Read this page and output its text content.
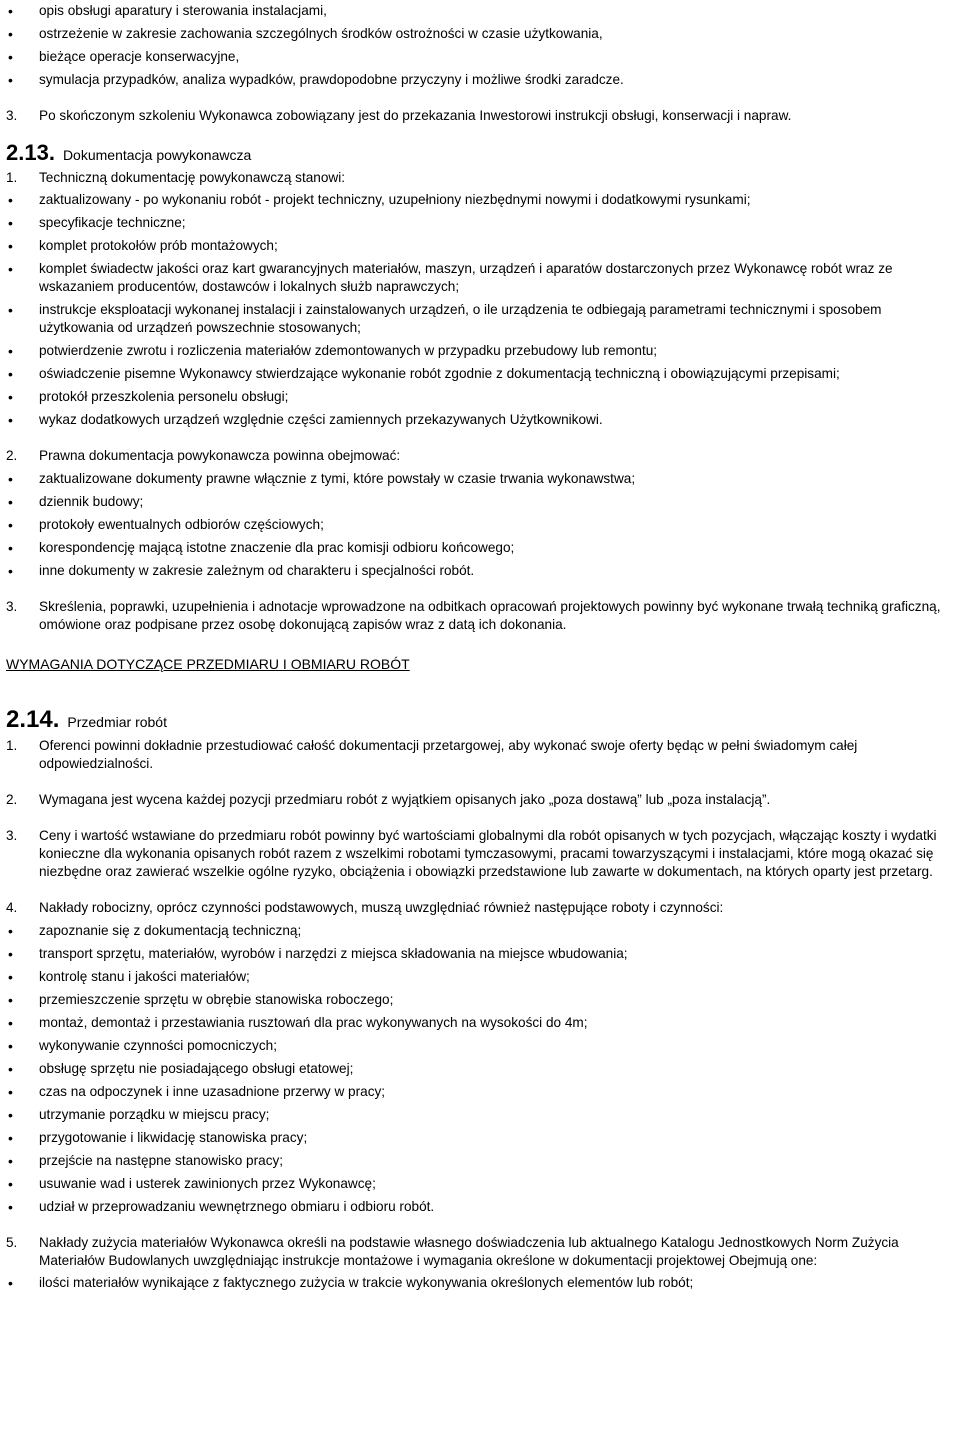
• opis obsługi aparatury i sterowania instalacjami,
• ostrzeżenie w zakresie zachowania szczególnych środków ostrożności w czasie użytkowania,
• bieżące operacje konserwacyjne,
• symulacja przypadków, analiza wypadków, prawdopodobne przyczyny i możliwe środki zaradcze.
3. Po skończonym szkoleniu Wykonawca zobowiązany jest do przekazania Inwestorowi instrukcji obsługi, konserwacji i napraw.
2.13. Dokumentacja powykonawcza
1. Techniczną dokumentację powykonawczą stanowi:
• zaktualizowany - po wykonaniu robót - projekt techniczny, uzupełniony niezbędnymi nowymi i dodatkowymi rysunkami;
• specyfikacje techniczne;
• komplet protokołów prób montażowych;
• komplet świadectw jakości oraz kart gwarancyjnych materiałów, maszyn, urządzeń i aparatów dostarczonych przez Wykonawcę robót wraz ze wskazaniem producentów, dostawców i lokalnych służb naprawczych;
• instrukcje eksploatacji wykonanej instalacji i zainstalowanych urządzeń, o ile urządzenia te odbiegają parametrami technicznymi i sposobem użytkowania od urządzeń powszechnie stosowanych;
• potwierdzenie zwrotu i rozliczenia materiałów zdemontowanych w przypadku przebudowy lub remontu;
• oświadczenie pisemne Wykonawcy stwierdzające wykonanie robót zgodnie z dokumentacją techniczną i obowiązującymi przepisami;
• protokół przeszkolenia personelu obsługi;
• wykaz dodatkowych urządzeń względnie części zamiennych przekazywanych Użytkownikowi.
2. Prawna dokumentacja powykonawcza powinna obejmować:
• zaktualizowane dokumenty prawne włącznie z tymi, które powstały w czasie trwania wykonawstwa;
• dziennik budowy;
• protokoły ewentualnych odbiorów częściowych;
• korespondencję mającą istotne znaczenie dla prac komisji odbioru końcowego;
• inne dokumenty w zakresie zależnym od charakteru i specjalności robót.
3. Skreślenia, poprawki, uzupełnienia i adnotacje wprowadzone na odbitkach opracowań projektowych powinny być wykonane trwałą techniką graficzną, omówione oraz podpisane przez osobę dokonującą zapisów wraz z datą ich dokonania.
WYMAGANIA DOTYCZĄCE PRZEDMIARU I OBMIARU ROBÓT
2.14. Przedmiar robót
1. Oferenci powinni dokładnie przestudiować całość dokumentacji przetargowej, aby wykonać swoje oferty będąc w pełni świadomym całej odpowiedzialności.
2. Wymagana jest wycena każdej pozycji przedmiaru robót z wyjątkiem opisanych jako „poza dostawą” lub „poza instalacją”.
3. Ceny i wartość wstawiane do przedmiaru robót powinny być wartościami globalnymi dla robót opisanych w tych pozycjach, włączając koszty i wydatki konieczne dla wykonania opisanych robót razem z wszelkimi robotami tymczasowymi, pracami towarzyszącymi i instalacjami, które mogą okazać się niezbędne oraz zawierać wszelkie ogólne ryzyko, obciążenia i obowiązki przedstawione lub zawarte w dokumentach, na których oparty jest przetarg.
4. Nakłady robocizny, oprócz czynności podstawowych, muszą uwzględniać również następujące roboty i czynności:
• zapoznanie się z dokumentacją techniczną;
• transport sprzętu, materiałów, wyrobów i narzędzi z miejsca składowania na miejsce wbudowania;
• kontrolę stanu i jakości materiałów;
• przemieszczenie sprzętu w obrębie stanowiska roboczego;
• montaż, demontaż i przestawiania rusztowań dla prac wykonywanych na wysokości do 4m;
• wykonywanie czynności pomocniczych;
• obsługę sprzętu nie posiadającego obsługi etatowej;
• czas na odpoczynek i inne uzasadnione przerwy w pracy;
• utrzymanie porządku w miejscu pracy;
• przygotowanie i likwidację stanowiska pracy;
• przejście na następne stanowisko pracy;
• usuwanie wad i usterek zawinionych przez Wykonawcę;
• udział w przeprowadzaniu wewnętrznego obmiaru i odbioru robót.
5. Nakłady zużycia materiałów Wykonawca określi na podstawie własnego doświadczenia lub aktualnego Katalogu Jednostkowych Norm Zużycia Materiałów Budowlanych uwzględniając instrukcje montażowe i wymagania określone w dokumentacji projektowej Obejmują one:
• ilości materiałów wynikające z faktycznego zużycia w trakcie wykonywania określonych elementów lub robót;
